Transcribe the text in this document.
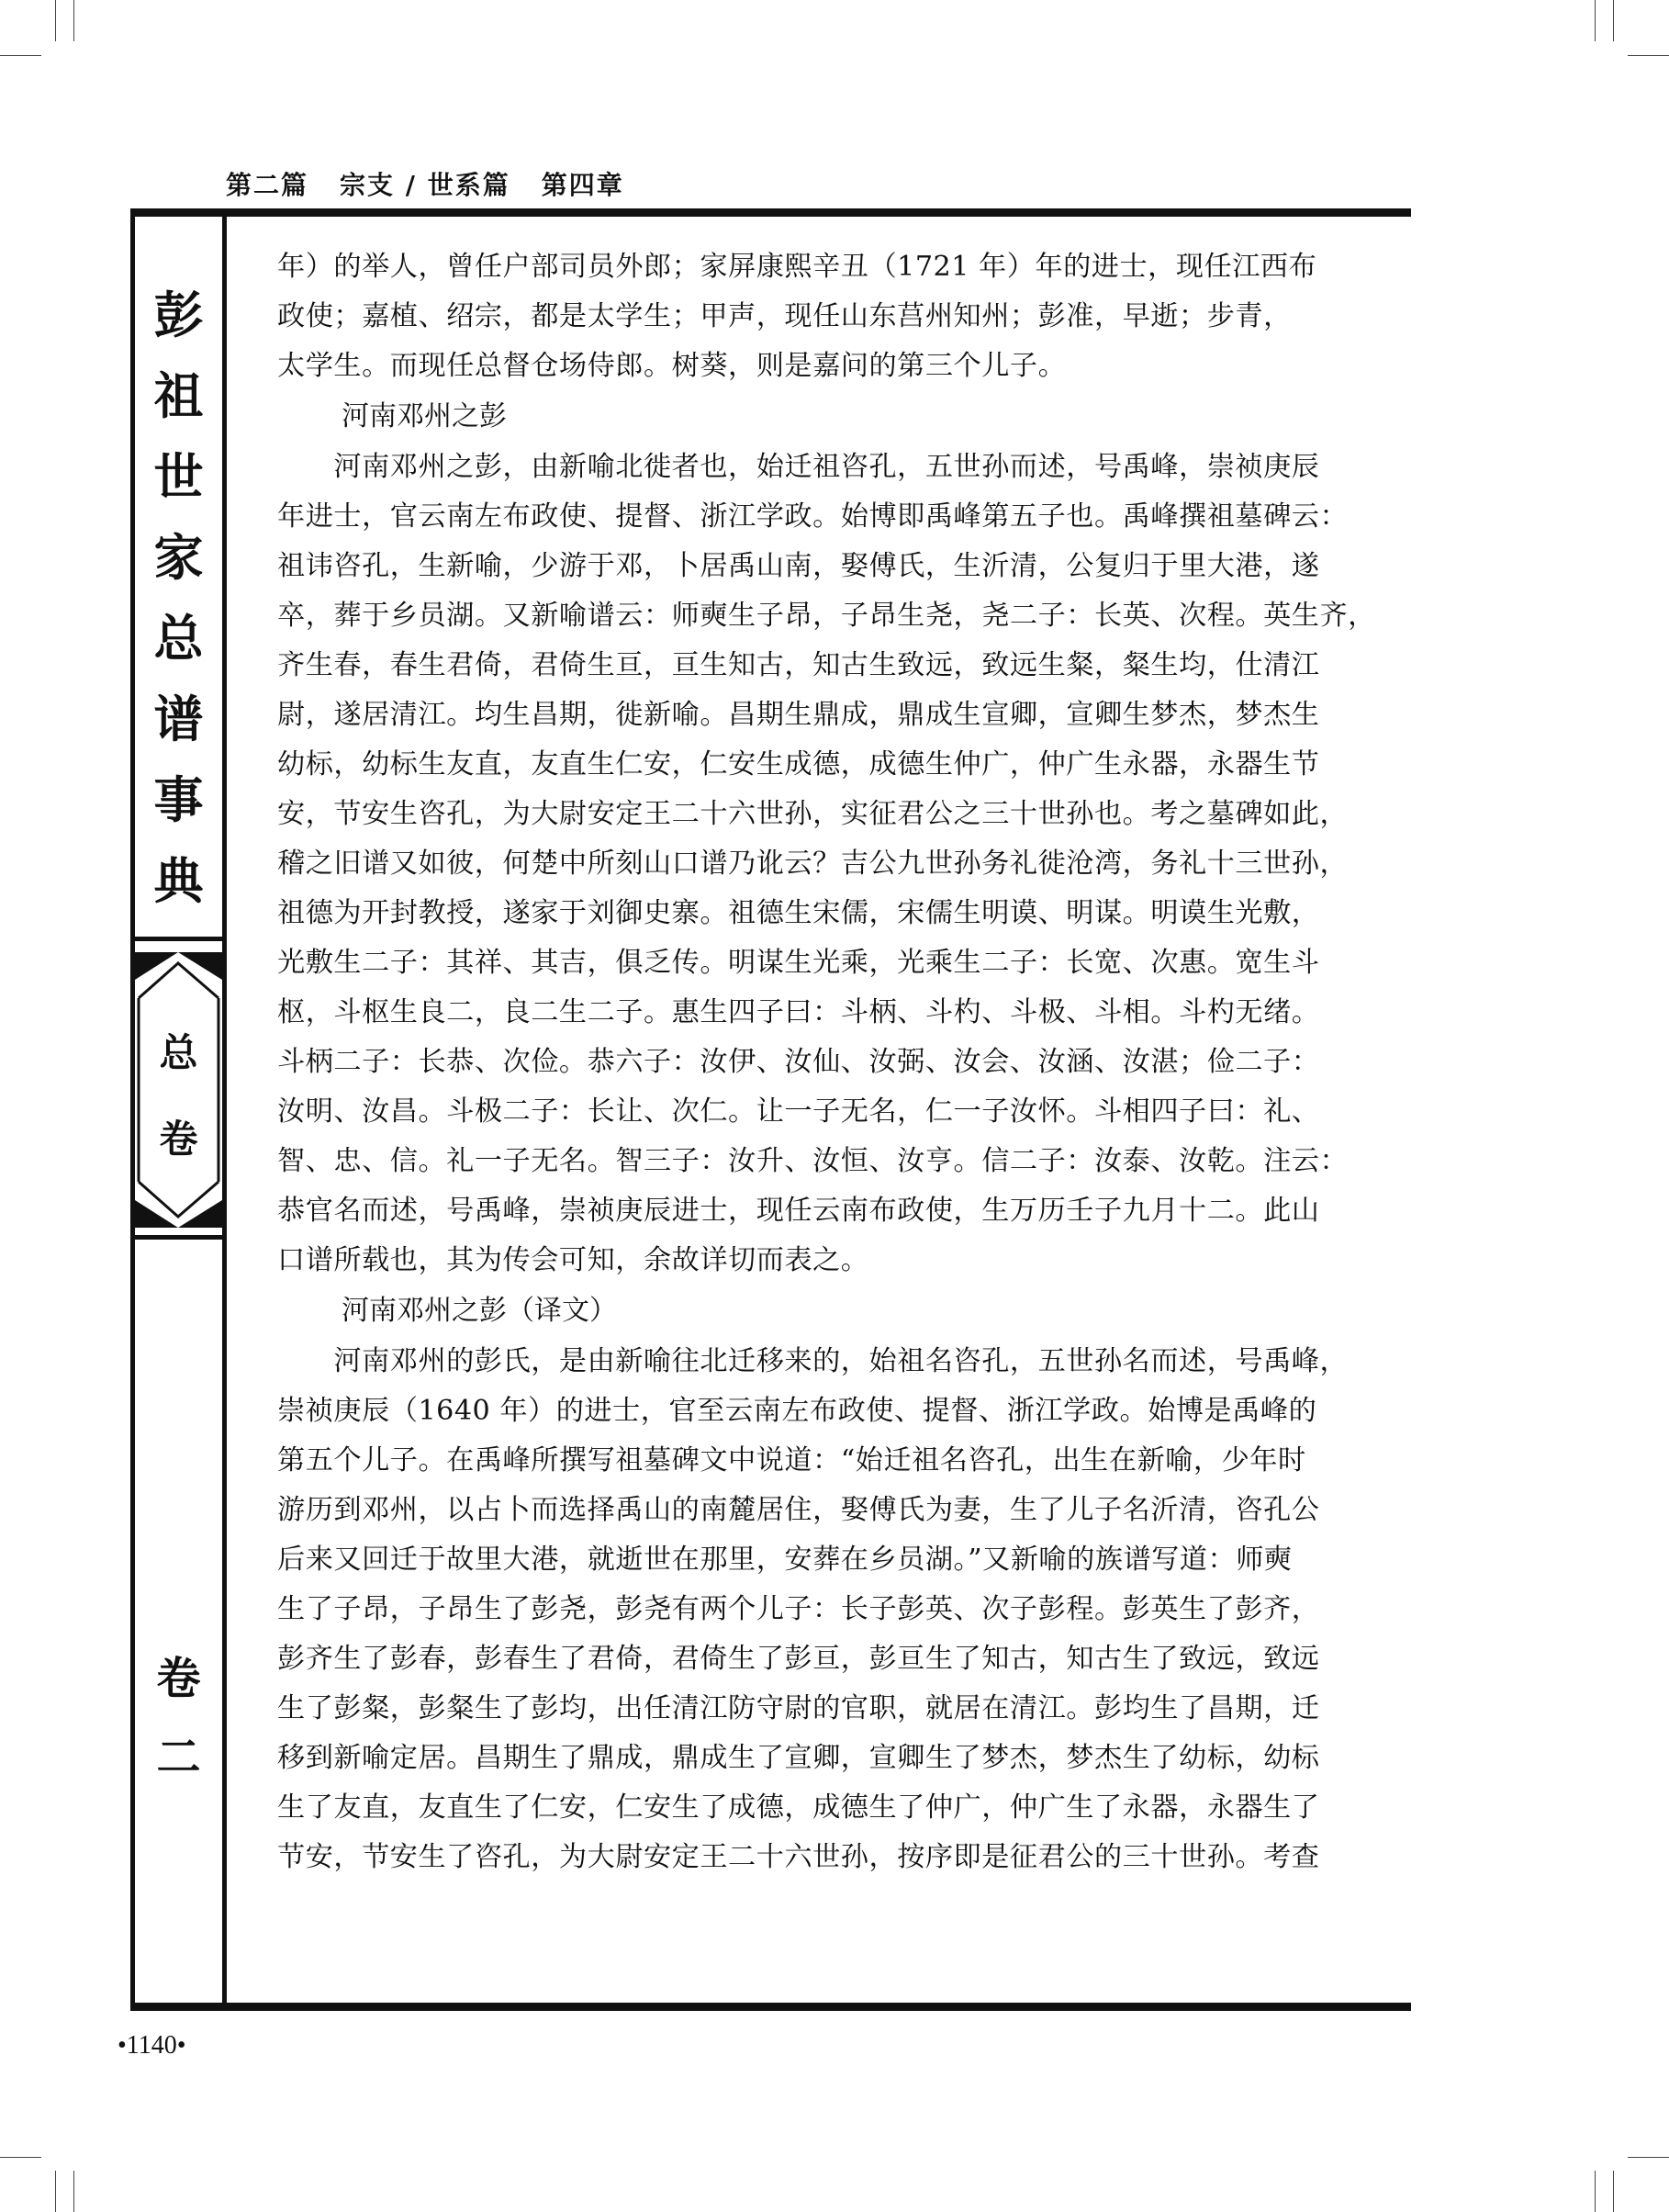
第二篇 宗支 / 世系篇 第四章
彭
祖
世
家
总
谱
事
典
总
卷
卷
二
年）的举人，曾任户部司员外郎；家屏康熙辛丑（1721 年）年的进士，现任江西布
政使；嘉植、绍宗，都是太学生；甲声，现任山东莒州知州；彭准，早逝；步青，
太学生。而现任总督仓场侍郎。树葵，则是嘉问的第三个儿子。
河南邓州之彭
　　河南邓州之彭，由新喻北徙者也，始迁祖咨孔，五世孙而述，号禹峰，崇祯庚辰
年进士，官云南左布政使、提督、浙江学政。始博即禹峰第五子也。禹峰撰祖墓碑云：
祖讳咨孔，生新喻，少游于邓，卜居禹山南，娶傅氏，生沂清，公复归于里大港，遂
卒，葬于乡员湖。又新喻谱云：师奭生子昂，子昂生尧，尧二子：长英、次程。英生齐，
齐生春，春生君倚，君倚生亘，亘生知古，知古生致远，致远生粲，粲生均，仕清江
尉，遂居清江。均生昌期，徙新喻。昌期生鼎成，鼎成生宣卿，宣卿生梦杰，梦杰生
幼标，幼标生友直，友直生仁安，仁安生成德，成德生仲广，仲广生永器，永器生节
安，节安生咨孔，为大尉安定王二十六世孙，实征君公之三十世孙也。考之墓碑如此，
稽之旧谱又如彼，何楚中所刻山口谱乃讹云？吉公九世孙务礼徙沧湾，务礼十三世孙，
祖德为开封教授，遂家于刘御史寨。祖德生宋儒，宋儒生明谟、明谋。明谟生光敷，
光敷生二子：其祥、其吉，俱乏传。明谋生光乘，光乘生二子：长宽、次惠。宽生斗
枢，斗枢生良二，良二生二子。惠生四子曰：斗柄、斗杓、斗极、斗相。斗杓无绪。
斗柄二子：长恭、次俭。恭六子：汝伊、汝仙、汝弼、汝会、汝涵、汝湛；俭二子：
汝明、汝昌。斗极二子：长让、次仁。让一子无名，仁一子汝怀。斗相四子曰：礼、
智、忠、信。礼一子无名。智三子：汝升、汝恒、汝亨。信二子：汝泰、汝乾。注云：
恭官名而述，号禹峰，崇祯庚辰进士，现任云南布政使，生万历壬子九月十二。此山
口谱所载也，其为传会可知，余故详切而表之。
河南邓州之彭（译文）
　　河南邓州的彭氏，是由新喻往北迁移来的，始祖名咨孔，五世孙名而述，号禹峰，
崇祯庚辰（1640 年）的进士，官至云南左布政使、提督、浙江学政。始博是禹峰的
第五个儿子。在禹峰所撰写祖墓碑文中说道：“始迁祖名咨孔，出生在新喻，少年时
游历到邓州，以占卜而选择禹山的南麓居住，娶傅氏为妻，生了儿子名沂清，咨孔公
后来又回迁于故里大港，就逝世在那里，安葬在乡员湖。”又新喻的族谱写道：师奭
生了子昂，子昂生了彭尧，彭尧有两个儿子：长子彭英、次子彭程。彭英生了彭齐，
彭齐生了彭春，彭春生了君倚，君倚生了彭亘，彭亘生了知古，知古生了致远，致远
生了彭粲，彭粲生了彭均，出任清江防守尉的官职，就居在清江。彭均生了昌期，迁
移到新喻定居。昌期生了鼎成，鼎成生了宣卿，宣卿生了梦杰，梦杰生了幼标，幼标
生了友直，友直生了仁安，仁安生了成德，成德生了仲广，仲广生了永器，永器生了
节安，节安生了咨孔，为大尉安定王二十六世孙，按序即是征君公的三十世孙。考查
•1140•
